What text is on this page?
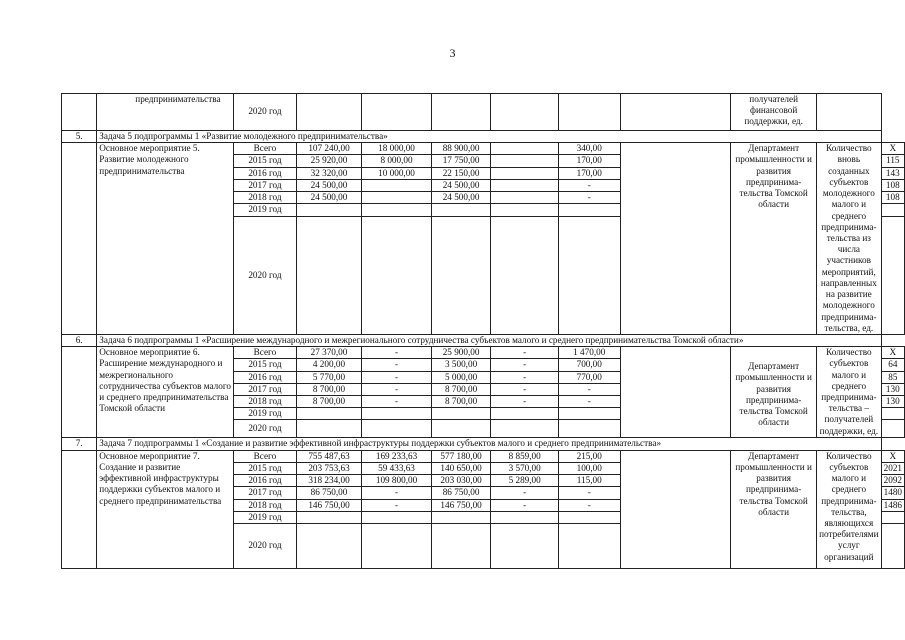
3
	предпринимательства	2020 год							получателей финансовой поддержки, ед.		
5.	Задача 5 подпрограммы 1 «Развитие молодежного предпринимательства»										
	Основное мероприятие 5. Развитие молодежного предпринимательства	Всего	107 240,00	18 000,00	88 900,00		340,00		Департамент промышленности и развития предпринима-тельства Томской области	Количество вновь созданных субъектов молодежного малого и среднего предпринима-тельства из числа участников мероприятий, направленных на развитие молодежного предпринима-тельства, ед.	X
		2015 год	25 920,00	8 000,00	17 750,00		170,00				115
		2016 год	32 320,00	10 000,00	22 150,00		170,00				143
		2017 год	24 500,00		24 500,00		-				108
		2018 год	24 500,00		24 500,00		-				108
		2019 год									
		2020 год									
6.	Задача 6 подпрограммы 1 «Расширение международного и межрегионального сотрудничества субъектов малого и среднего предпринимательства Томской области»										
	Основное мероприятие 6. Расширение международного и межрегионального сотрудничества субъектов малого и среднего предпринимательства Томской области	Всего	27 370,00	-	25 900,00	-	1 470,00		Департамент промышленности и развития предпринима-тельства Томской области	Количество субъектов малого и среднего предпринима-тельства – получателей поддержки, ед.	X
		2015 год	4 200,00	-	3 500,00	-	700,00				64
		2016 год	5 770,00	-	5 000,00	-	770,00				85
		2017 год	8 700,00	-	8 700,00	-	-				130
		2018 год	8 700,00	-	8 700,00	-	-				130
		2019 год									
		2020 год									
7.	Задача 7 подпрограммы 1 «Создание и развитие эффективной инфраструктуры поддержки субъектов малого и среднего предпринимательства»										
	Основное мероприятие 7. Создание и развитие эффективной инфраструктуры поддержки субъектов малого и среднего предпринимательства	Всего	755 487,63	169 233,63	577 180,00	8 859,00	215,00		Департамент промышленности и развития предпринима-тельства Томской области	Количество субъектов малого и среднего предпринима-тельства, являющихся потребителями услуг организаций	X
		2015 год	203 753,63	59 433,63	140 650,00	3 570,00	100,00				2021
		2016 год	318 234,00	109 800,00	203 030,00	5 289,00	115,00				2092
		2017 год	86 750,00	-	86 750,00	-	-				1480
		2018 год	146 750,00	-	146 750,00	-	-				1486
		2019 год									
		2020 год									
